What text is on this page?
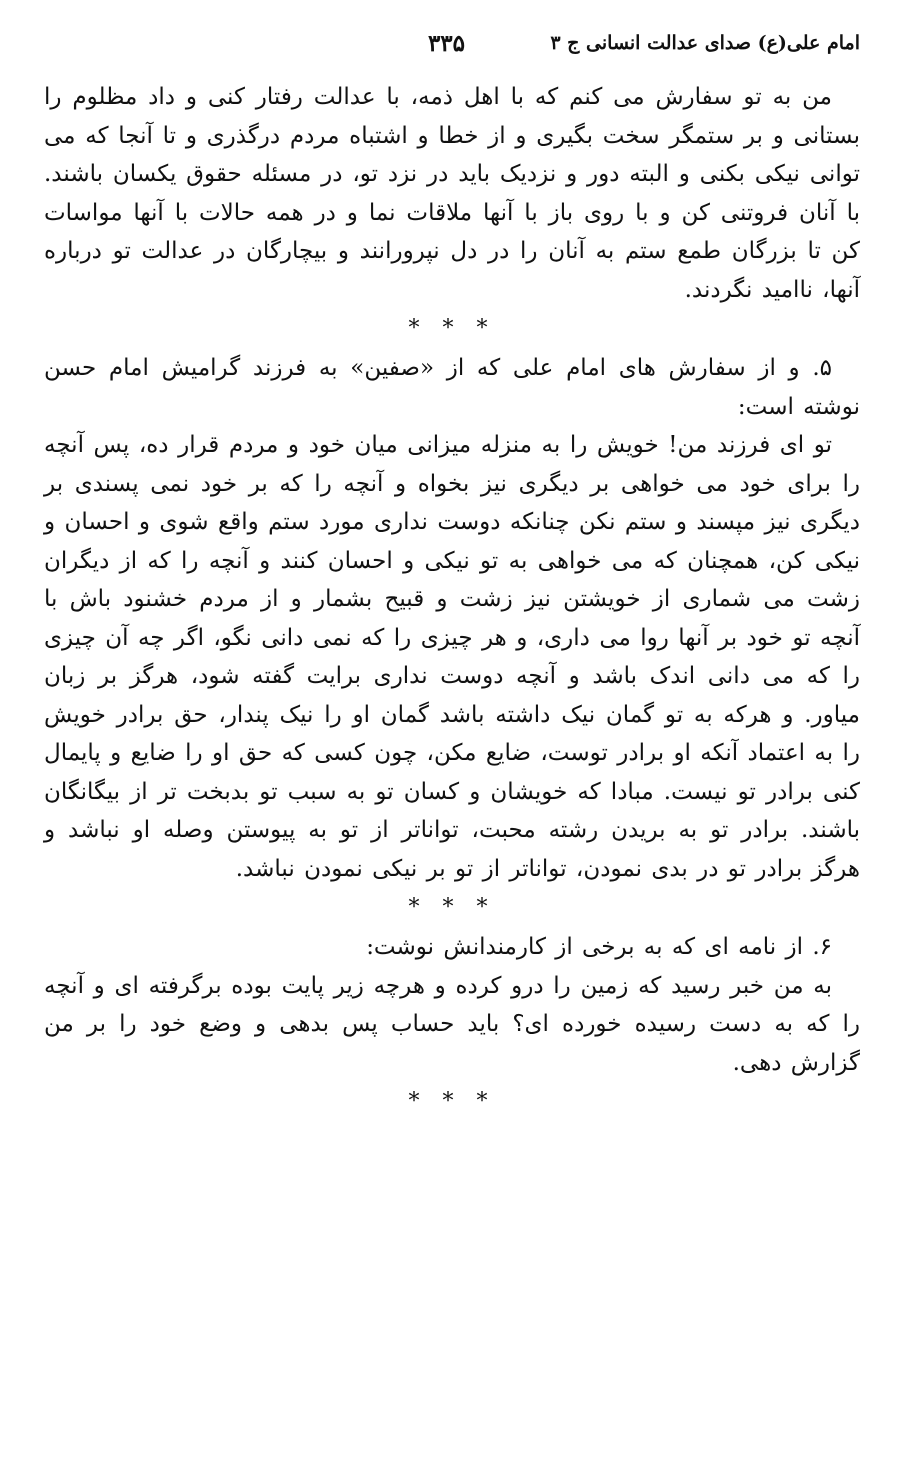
امام علی(ع) صدای عدالت انسانی ج ۳
۳۳۵

من به تو سفارش می کنم که با اهل ذمه، با عدالت رفتار کنی و داد مظلوم را بستانی و بر ستمگر سخت بگیری و از خطا و اشتباه مردم درگذری و تا آنجا که می توانی نیکی بکنی و البته دور و نزدیک باید در نزد تو، در مسئله حقوق یکسان باشند. با آنان فروتنی کن و با روی باز با آنها ملاقات نما و در همه حالات با آنها مواسات کن تا بزرگان طمع ستم به آنان را در دل نپرورانند و بیچارگان در عدالت تو درباره آنها، ناامید نگردند.

* * *

۵. و از سفارش های امام علی که از «صفین» به فرزند گرامیش امام حسن نوشته است:

تو ای فرزند من! خویش را به منزله میزانی میان خود و مردم قرار ده، پس آنچه را برای خود می خواهی بر دیگری نیز بخواه و آنچه را که بر خود نمی پسندی بر دیگری نیز مپسند و ستم نکن چنانکه دوست نداری مورد ستم واقع شوی و احسان و نیکی کن، همچنان که می خواهی به تو نیکی و احسان کنند و آنچه را که از دیگران زشت می شماری از خویشتن نیز زشت و قبیح بشمار و از مردم خشنود باش با آنچه تو خود بر آنها روا می داری، و هر چیزی را که نمی دانی نگو، اگر چه آن چیزی را که می دانی اندک باشد و آنچه دوست نداری برایت گفته شود، هرگز بر زبان میاور. و هرکه به تو گمان نیک داشته باشد گمان او را نیک پندار، حق برادر خویش را به اعتماد آنکه او برادر توست، ضایع مکن، چون کسی که حق او را ضایع و پایمال کنی برادر تو نیست. مبادا که خویشان و کسان تو به سبب تو بدبخت تر از بیگانگان باشند. برادر تو به بریدن رشته محبت، تواناتر از تو به پیوستن وصله او نباشد و هرگز برادر تو در بدی نمودن، تواناتر از تو بر نیکی نمودن نباشد.

* * *

۶. از نامه ای که به برخی از کارمندانش نوشت:

به من خبر رسید که زمین را درو کرده و هرچه زیر پایت بوده برگرفته ای و آنچه را که به دست رسیده خورده ای؟ باید حساب پس بدهی و وضع خود را بر من گزارش دهی.

* * *
